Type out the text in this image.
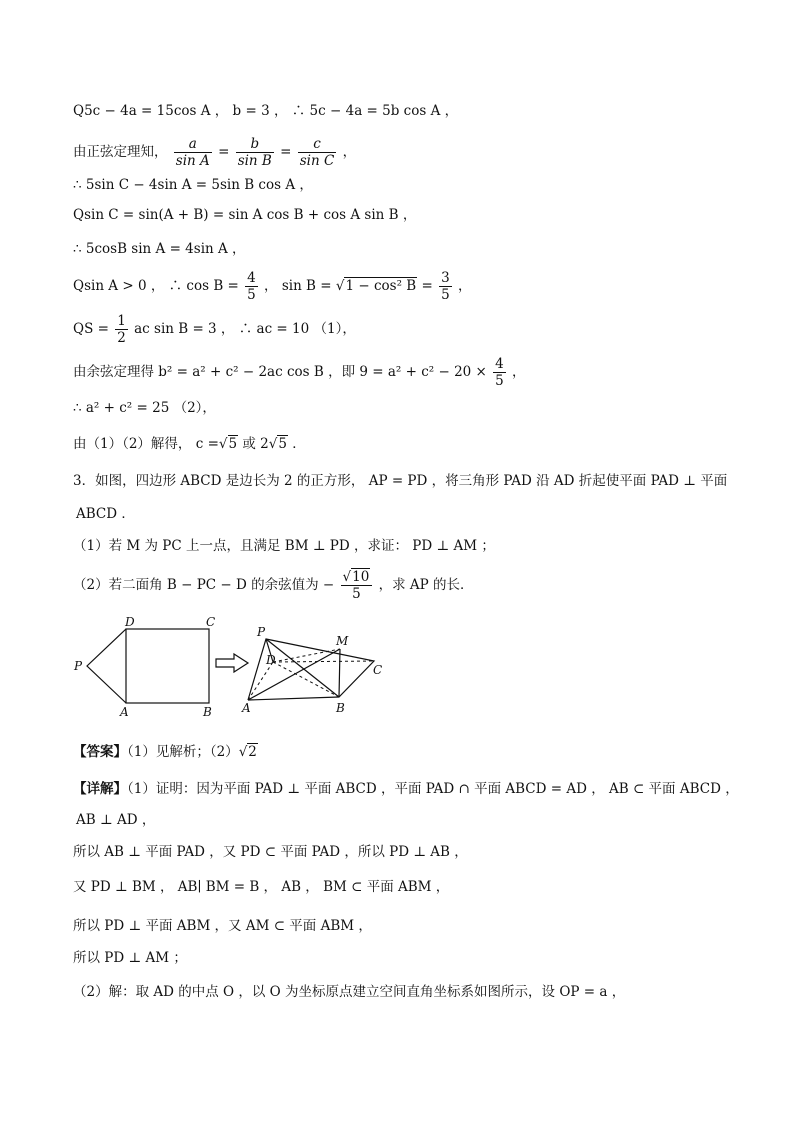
Q5c − 4a = 15cos A ， b = 3 ， ∴ 5c − 4a = 5b cos A ，
由正弦定理知， $\frac{a}{\text{sin A}} = \frac{b}{\text{sin B}} = \frac{c}{\text{sin C}}$ ，
∴ 5sin C − 4sin A = 5sin B cos A ，
Qsin C = sin(A + B) = sin A cos B + cos A sin B ，
∴ 5cosB sin A = 4sin A ，
Qsin A > 0 ， ∴ $\cos B = \frac{4}{5}$ ， sin B = √1 − cos² $B = \frac{3}{5}$ ，
QS = $\frac{1}{2}$ ac sin B = 3 ， ∴ ac = 10 （1），
由余弦定理得 b² = a² + c² − 2ac cos B ，即 $9 = a^2 + c^2 - 20 \times \frac{4}{5}$ ，
∴ a² + c² = 25 （2），
由（1）（2）解得， c =√5 或 2√5 ．
3．如图，四边形 ABCD 是边长为 2 的正方形， AP = PD ，将三角形 PAD 沿 AD 折起使平面 PAD ⊥ 平面
ABCD ．
（1）若 M 为 PC 上一点，且满足 BM ⊥ PD ，求证： PD ⊥ AM ；
（2）若二面角 B − PC − D 的余弦值为 − $\frac{√10}{5}$ ，求 AP 的长．
D	C
P
A	B
P
D
M
C
A	B
【答案】（1）见解析；（2）√2
【详解】（1）证明：因为平面 PAD ⊥ 平面 ABCD ，平面 PAD ∩ 平面 ABCD = AD ， AB ⊂ 平面 ABCD ，
AB ⊥ AD ，
所以 AB ⊥ 平面 PAD ，又 PD ⊂ 平面 PAD ，所以 PD ⊥ AB ，
又 PD ⊥ BM ， AB∣ BM = B ， AB ， BM ⊂ 平面 ABM ，
所以 PD ⊥ 平面 ABM ，又 AM ⊂ 平面 ABM ，
所以 PD ⊥ AM ；
（2）解：取 AD 的中点 O ，以 O 为坐标原点建立空间直角坐标系如图所示，设 OP = a ，
